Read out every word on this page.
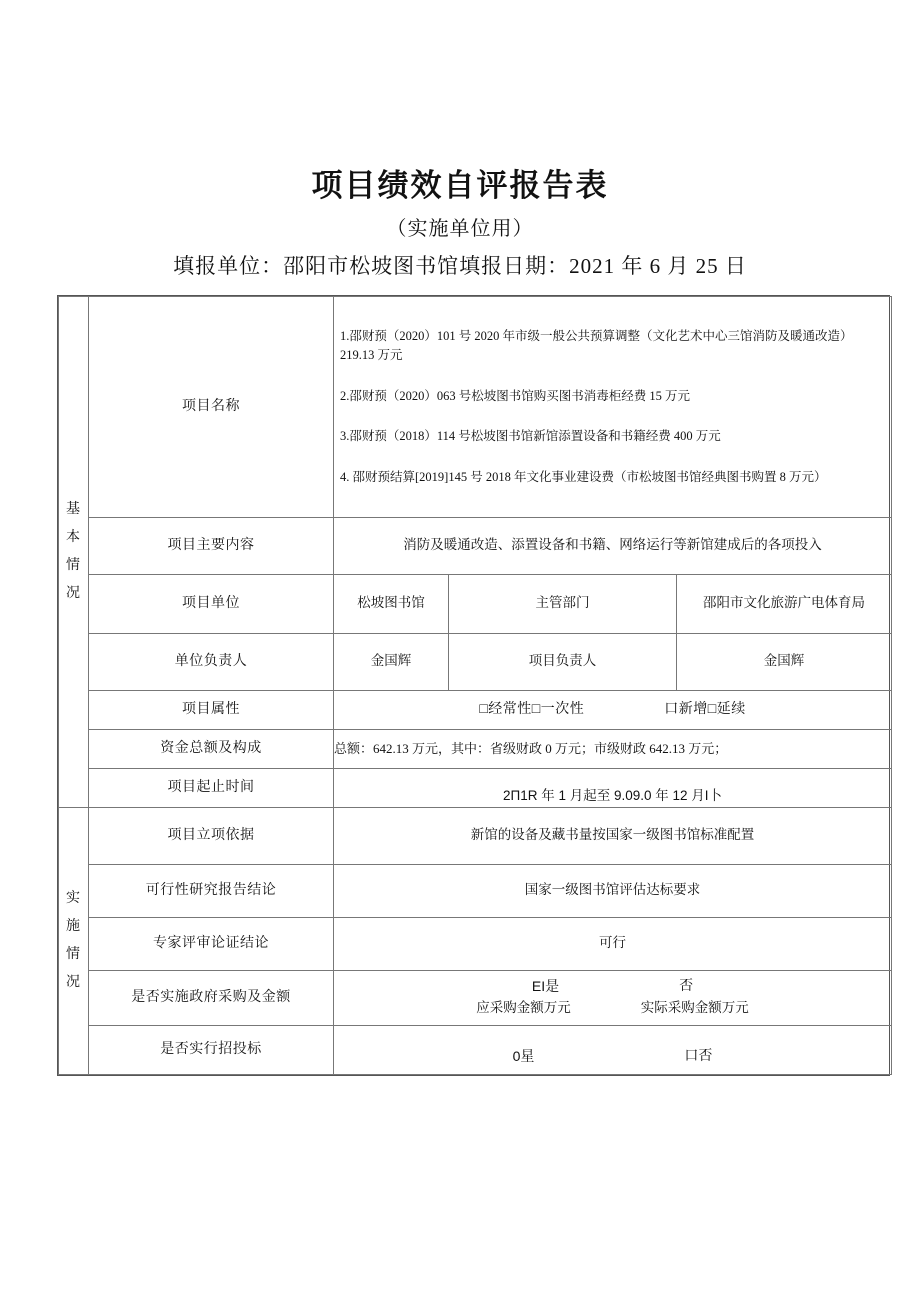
项目绩效自评报告表
（实施单位用）
填报单位：邵阳市松坡图书馆填报日期：2021 年 6 月 25 日
基
本
情
况
	项目名称	

1.邵财预（2020）101 号 2020 年市级一般公共预算调整（文化艺术中心三馆消防及暖通改造）219.13 万元

2.邵财预（2020）063 号松坡图书馆购买图书消毒柜经费 15 万元

3.邵财预（2018）114 号松坡图书馆新馆添置设备和书籍经费 400 万元

4. 邵财预结算[2019]145 号 2018 年文化事业建设费（市松坡图书馆经典图书购置 8 万元）

	项目主要内容	消防及暖通改造、添置设备和书籍、网络运行等新馆建成后的各项投入		
	项目单位	松坡图书馆	主管部门	邵阳市文化旅游广电体育局
	单位负责人	金国辉	项目负责人	金国辉
	项目属性	□经常性□一次性 口新增□延续		

	资金总额及构成	总额：642.13 万元，其中：省级财政 0 万元；市级财政 642.13 万元；		
	项目起止时间	2Π1R 年 1 月起至 9.09.0 年 12 月I卜		

实
施
情
况	项目立项依据	新馆的设备及藏书量按国家一级图书馆标准配置		
	可行性研究报告结论	国家一级图书馆评估达标要求		
	专家评审论证结论	可行		
	是否实施政府采购及金额	EI是 否
应采购金额万元 实际采购金额万元		

	是否实行招投标	0星 口否		
